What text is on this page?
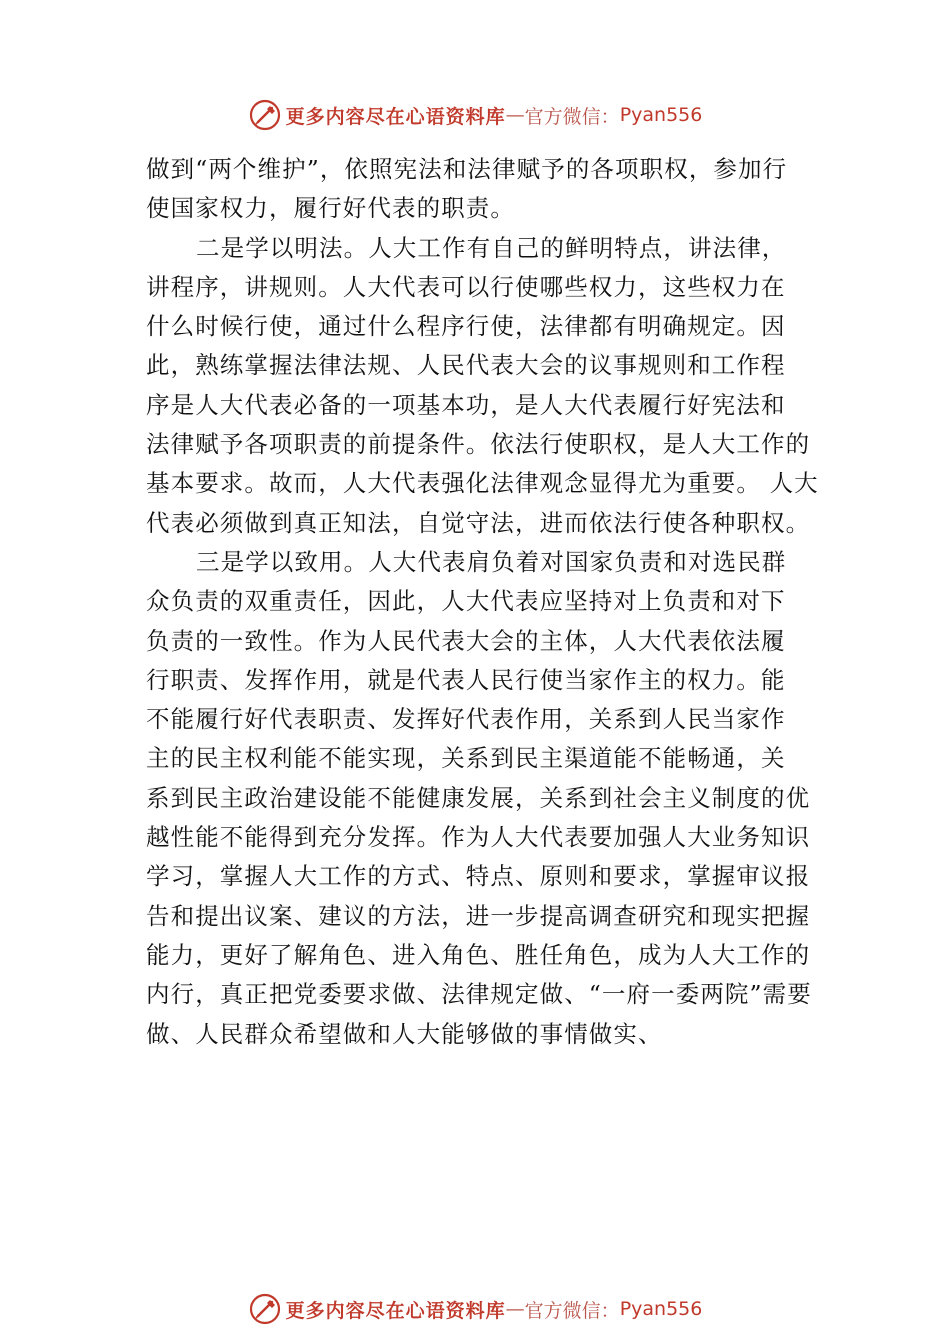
更多内容尽在心语资料库 — 官方微信： Pyan556
做到“两个维护”，依照宪法和法律赋予的各项职权，参加行
使国家权力，履行好代表的职责。
二是学以明法。人大工作有自己的鲜明特点，讲法律，
讲程序，讲规则。人大代表可以行使哪些权力，这些权力在
什么时候行使，通过什么程序行使，法律都有明确规定。因
此，熟练掌握法律法规、人民代表大会的议事规则和工作程
序是人大代表必备的一项基本功，是人大代表履行好宪法和
法律赋予各项职责的前提条件。依法行使职权，是人大工作的
基本要求。故而，人大代表强化法律观念显得尤为重要。 人大
代表必须做到真正知法，自觉守法，进而依法行使各种职权。
三是学以致用。人大代表肩负着对国家负责和对选民群
众负责的双重责任，因此，人大代表应坚持对上负责和对下
负责的一致性。作为人民代表大会的主体，人大代表依法履
行职责、发挥作用，就是代表人民行使当家作主的权力。能
不能履行好代表职责、发挥好代表作用，关系到人民当家作
主的民主权利能不能实现，关系到民主渠道能不能畅通，关
系到民主政治建设能不能健康发展，关系到社会主义制度的优
越性能不能得到充分发挥。作为人大代表要加强人大业务知识
学习，掌握人大工作的方式、特点、原则和要求，掌握审议报
告和提出议案、建议的方法，进一步提高调查研究和现实把握
能力，更好了解角色、进入角色、胜任角色，成为人大工作的
内行，真正把党委要求做、法律规定做、“一府一委两院”需要
做、人民群众希望做和人大能够做的事情做实、
更多内容尽在心语资料库 — 官方微信： Pyan556
